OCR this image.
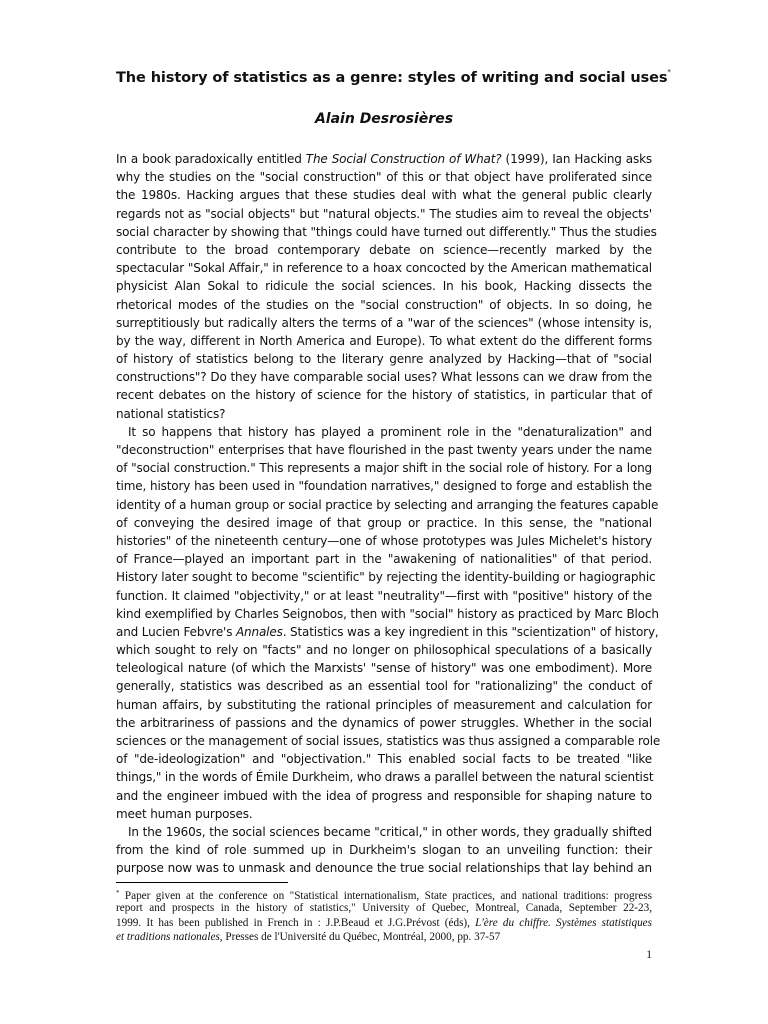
The history of statistics as a genre: styles of writing and social uses*
Alain Desrosières
In a book paradoxically entitled The Social Construction of What? (1999), Ian Hacking asks
why the studies on the "social construction" of this or that object have proliferated since
the 1980s. Hacking argues that these studies deal with what the general public clearly
regards not as "social objects" but "natural objects." The studies aim to reveal the objects'
social character by showing that "things could have turned out differently." Thus the studies
contribute to the broad contemporary debate on science—recently marked by the
spectacular "Sokal Affair," in reference to a hoax concocted by the American mathematical
physicist Alan Sokal to ridicule the social sciences. In his book, Hacking dissects the
rhetorical modes of the studies on the "social construction" of objects. In so doing, he
surreptitiously but radically alters the terms of a "war of the sciences" (whose intensity is,
by the way, different in North America and Europe). To what extent do the different forms
of history of statistics belong to the literary genre analyzed by Hacking—that of "social
constructions"? Do they have comparable social uses? What lessons can we draw from the
recent debates on the history of science for the history of statistics, in particular that of
national statistics?
It so happens that history has played a prominent role in the "denaturalization" and
"deconstruction" enterprises that have flourished in the past twenty years under the name
of "social construction." This represents a major shift in the social role of history. For a long
time, history has been used in "foundation narratives," designed to forge and establish the
identity of a human group or social practice by selecting and arranging the features capable
of conveying the desired image of that group or practice. In this sense, the "national
histories" of the nineteenth century—one of whose prototypes was Jules Michelet's history
of France—played an important part in the "awakening of nationalities" of that period.
History later sought to become "scientific" by rejecting the identity-building or hagiographic
function. It claimed "objectivity," or at least "neutrality"—first with "positive" history of the
kind exemplified by Charles Seignobos, then with "social" history as practiced by Marc Bloch
and Lucien Febvre's Annales. Statistics was a key ingredient in this "scientization" of history,
which sought to rely on "facts" and no longer on philosophical speculations of a basically
teleological nature (of which the Marxists' "sense of history" was one embodiment). More
generally, statistics was described as an essential tool for "rationalizing" the conduct of
human affairs, by substituting the rational principles of measurement and calculation for
the arbitrariness of passions and the dynamics of power struggles. Whether in the social
sciences or the management of social issues, statistics was thus assigned a comparable role
of "de-ideologization" and "objectivation." This enabled social facts to be treated "like
things," in the words of Émile Durkheim, who draws a parallel between the natural scientist
and the engineer imbued with the idea of progress and responsible for shaping nature to
meet human purposes.
In the 1960s, the social sciences became "critical," in other words, they gradually shifted
from the kind of role summed up in Durkheim's slogan to an unveiling function: their
purpose now was to unmask and denounce the true social relationships that lay behind an
* Paper given at the conference on "Statistical internationalism, State practices, and national traditions: progress
report and prospects in the history of statistics," University of Quebec, Montreal, Canada, September 22-23,
1999. It has been published in French in : J.P.Beaud et J.G.Prévost (éds), L'ère du chiffre. Systèmes statistiques
et traditions nationales, Presses de l'Université du Québec, Montréal, 2000, pp. 37-57
1
